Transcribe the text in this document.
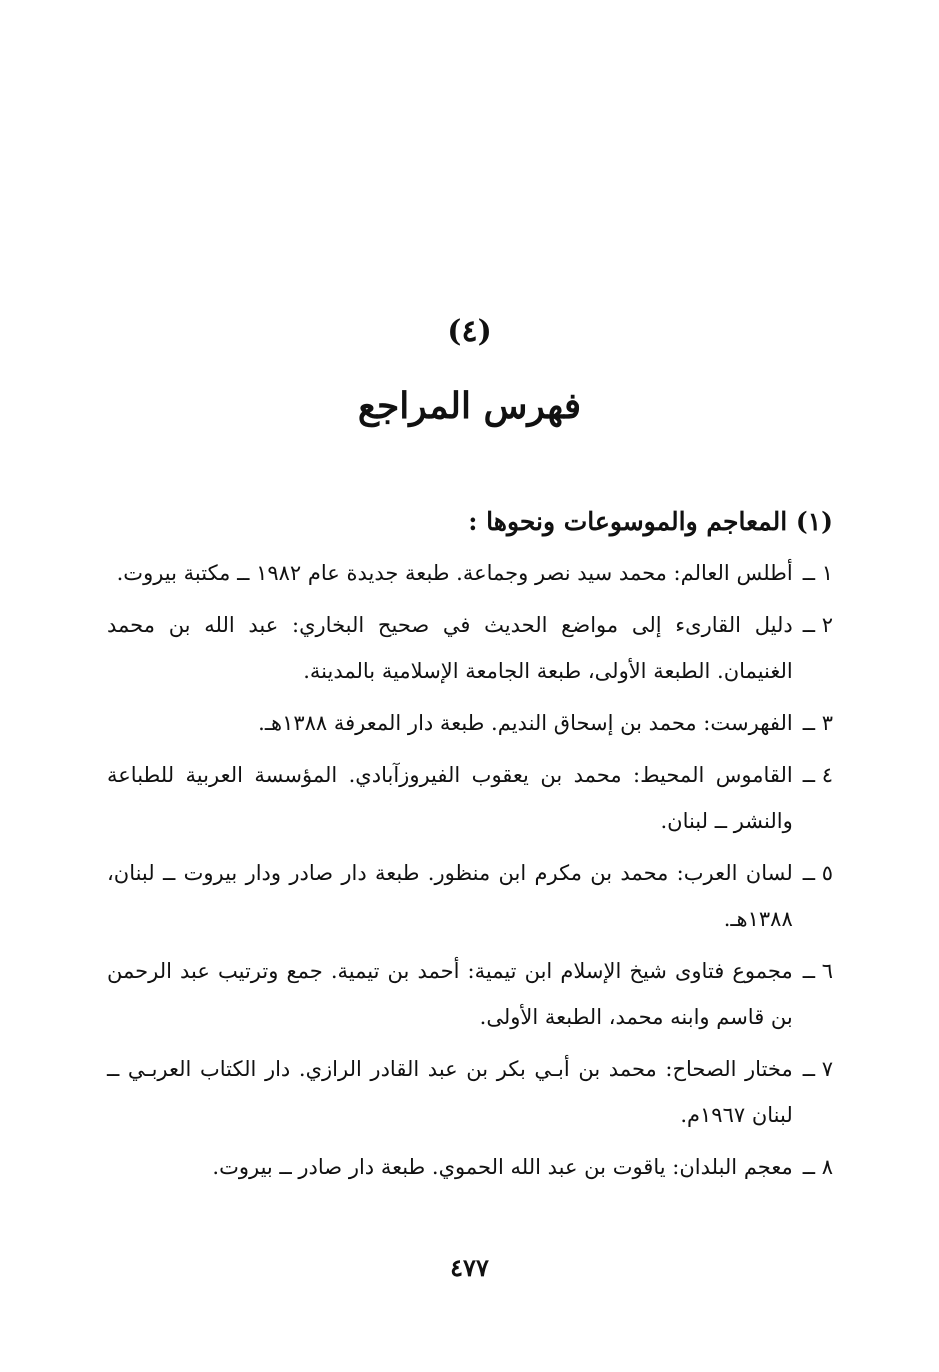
(٤)
فهرس المراجع
(١) المعاجم والموسوعات ونحوها :
١ ــ
أطلس العالم: محمد سيد نصر وجماعة. طبعة جديدة عام ١٩٨٢ ــ مكتبة بيروت.
٢ ــ
دليل القارىء إلى مواضع الحديث في صحيح البخاري: عبد الله بن محمد الغنيمان. الطبعة الأولى، طبعة الجامعة الإسلامية بالمدينة.
٣ ــ
الفهرست: محمد بن إسحاق النديم. طبعة دار المعرفة ١٣٨٨هـ.
٤ ــ
القاموس المحيط: محمد بن يعقوب الفيروزآبادي. المؤسسة العربية للطباعة والنشر ــ لبنان.
٥ ــ
لسان العرب: محمد بن مكرم ابن منظور. طبعة دار صادر ودار بيروت ــ لبنان، ١٣٨٨هـ.
٦ ــ
مجموع فتاوى شيخ الإسلام ابن تيمية: أحمد بن تيمية. جمع وترتيب عبد الرحمن بن قاسم وابنه محمد، الطبعة الأولى.
٧ ــ
مختار الصحاح: محمد بن أبـي بكر بن عبد القادر الرازي. دار الكتاب العربـي ــ لبنان ١٩٦٧م.
٨ ــ
معجم البلدان: ياقوت بن عبد الله الحموي. طبعة دار صادر ــ بيروت.
٤٧٧
